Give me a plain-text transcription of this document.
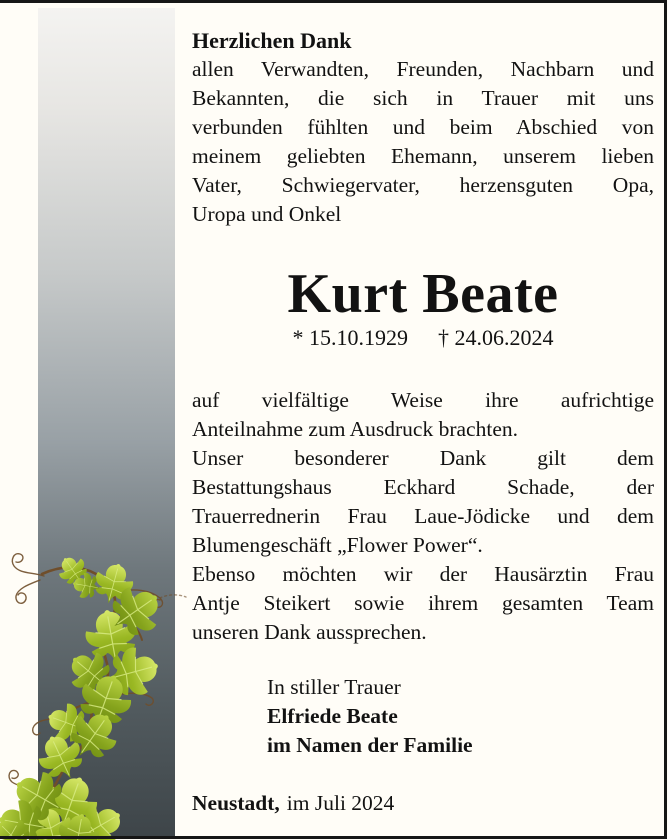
Herzlichen Dank
allen Verwandten, Freunden, Nachbarn und
Bekannten, die sich in Trauer mit uns
verbunden fühlten und beim Abschied von
meinem geliebten Ehemann, unserem lieben
Vater, Schwiegervater, herzensguten Opa,
Uropa und Onkel
Kurt Beate
* 15.10.1929 † 24.06.2024
auf vielfältige Weise ihre aufrichtige
Anteilnahme zum Ausdruck brachten.
Unser besonderer Dank gilt dem
Bestattungshaus Eckhard Schade, der
Trauerrednerin Frau Laue-Jödicke und dem
Blumengeschäft „Flower Power“.
Ebenso möchten wir der Hausärztin Frau
Antje Steikert sowie ihrem gesamten Team
unseren Dank aussprechen.
In stiller Trauer
Elfriede Beate
im Namen der Familie
Neustadt, im Juli 2024
